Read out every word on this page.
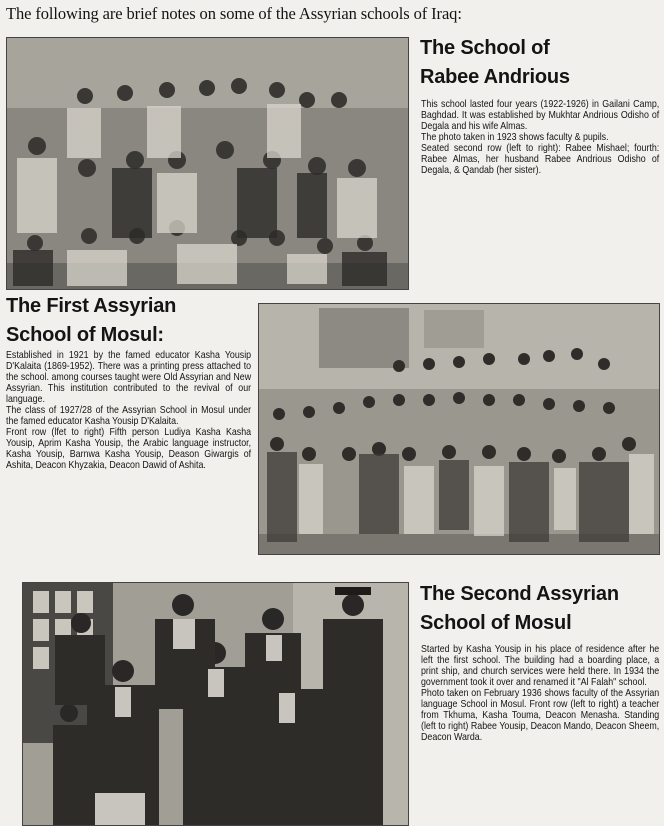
The following are brief notes on some of the Assyrian schools of Iraq:
The School of
Rabee Andrious

This school lasted four years (1922-1926) in Gailani Camp, Baghdad. It was established by Mukhtar Andrious Odisho of Degala and his wife Almas.

The photo taken in 1923 shows faculty & pupils.

Seated second row (left to right): Rabee Mishael; fourth: Rabee Almas, her husband Rabee Andrious Odisho of Degala, & Qandab (her sister).

The First Assyrian
School of Mosul:

Established in 1921 by the famed educator Kasha Yousip D'Kalaita (1869-1952). There was a printing press attached to the school. among courses taught were Old Assyrian and New Assyrian. This institution contributed to the revival of our language.

The class of 1927/28 of the Assyrian School in Mosul under the famed educator Kasha Yousip D'Kalaita.

Front row (lfet to right) Fifth person Ludiya Kasha Kasha Yousip, Aprim Kasha Yousip, the Arabic language instructor, Kasha Yousip, Barnwa Kasha Yousip, Deason Giwargis of Ashita, Deacon Khyzakia, Deacon Dawid of Ashita.

The Second Assyrian
School of Mosul

Started by Kasha Yousip in his place of residence after he left the first school. The building had a boarding place, a print ship, and church services were held there. In 1934 the government took it over and renamed it "Al Falah" school.

Photo taken on February 1936 shows faculty of the Assyrian language School in Mosul. Front row (left to right) a teacher from Tkhuma, Kasha Touma, Deacon Menasha. Standing (left to right) Rabee Yousip, Deacon Mando, Deacon Sheem, Deacon Warda.
